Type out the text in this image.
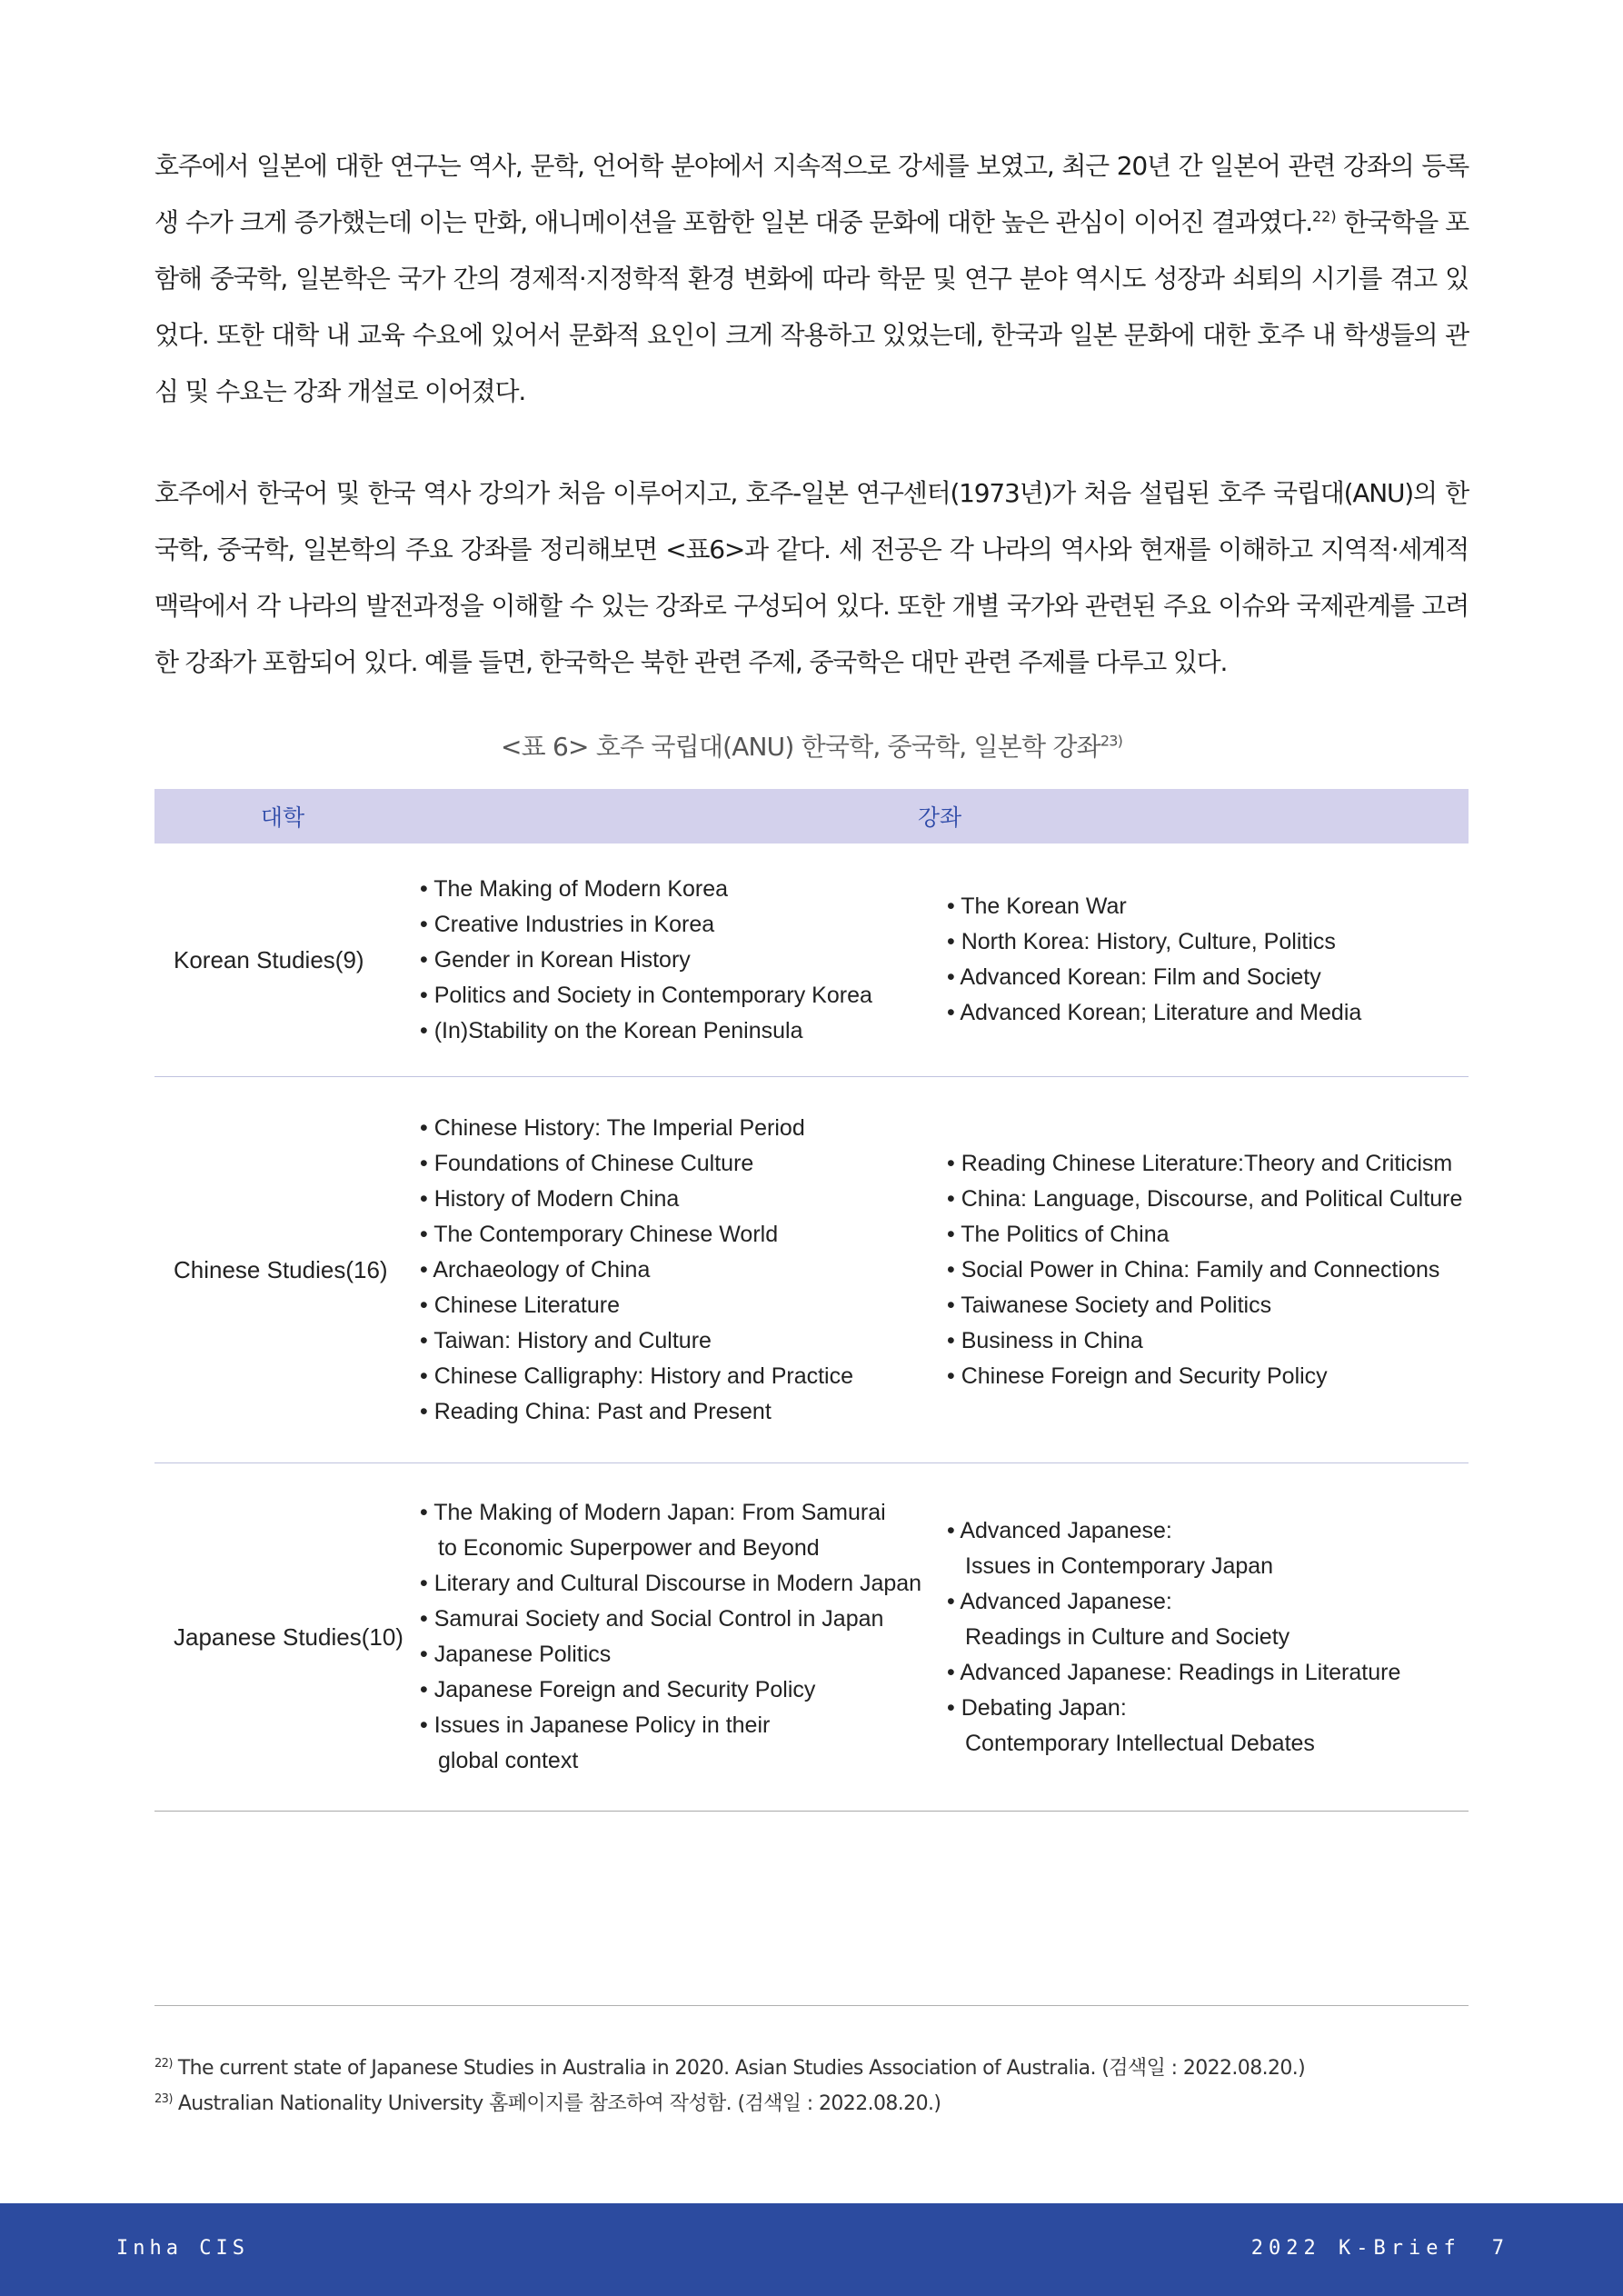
호주에서 일본에 대한 연구는 역사, 문학, 언어학 분야에서 지속적으로 강세를 보였고, 최근 20년 간 일본어 관련 강좌의 등록생 수가 크게 증가했는데 이는 만화, 애니메이션을 포함한 일본 대중 문화에 대한 높은 관심이 이어진 결과였다.$^{22)}$ 한국학을 포함해 중국학, 일본학은 국가 간의 경제적·지정학적 환경 변화에 따라 학문 및 연구 분야 역시도 성장과 쇠퇴의 시기를 겪고 있었다. 또한 대학 내 교육 수요에 있어서 문화적 요인이 크게 작용하고 있었는데, 한국과 일본 문화에 대한 호주 내 학생들의 관심 및 수요는 강좌 개설로 이어졌다.

호주에서 한국어 및 한국 역사 강의가 처음 이루어지고, 호주-일본 연구센터(1973년)가 처음 설립된 호주 국립대(ANU)의 한국학, 중국학, 일본학의 주요 강좌를 정리해보면 <표6>과 같다. 세 전공은 각 나라의 역사와 현재를 이해하고 지역적·세계적 맥락에서 각 나라의 발전과정을 이해할 수 있는 강좌로 구성되어 있다. 또한 개별 국가와 관련된 주요 이슈와 국제관계를 고려한 강좌가 포함되어 있다. 예를 들면, 한국학은 북한 관련 주제, 중국학은 대만 관련 주제를 다루고 있다.

<표 6> 호주 국립대(ANU) 한국학, 중국학, 일본학 강좌$^{23)}$
대학	강좌
Korean Studies(9)
• The Making of Modern Korea
• Creative Industries in Korea
• Gender in Korean History
• Politics and Society in Contemporary Korea
• (In)Stability on the Korean Peninsula
• The Korean War
• North Korea: History, Culture, Politics
• Advanced Korean: Film and Society
• Advanced Korean; Literature and Media
Chinese Studies(16)
• Chinese History: The Imperial Period
• Foundations of Chinese Culture
• History of Modern China
• The Contemporary Chinese World
• Archaeology of China
• Chinese Literature
• Taiwan: History and Culture
• Chinese Calligraphy: History and Practice
• Reading China: Past and Present
• Reading Chinese Literature:Theory and Criticism
• China: Language, Discourse, and Political Culture
• The Politics of China
• Social Power in China: Family and Connections
• Taiwanese Society and Politics
• Business in China
• Chinese Foreign and Security Policy
Japanese Studies(10)
• The Making of Modern Japan: From Samurai
to Economic Superpower and Beyond
• Literary and Cultural Discourse in Modern Japan
• Samurai Society and Social Control in Japan
• Japanese Politics
• Japanese Foreign and Security Policy
• Issues in Japanese Policy in their
global context
• Advanced Japanese:
Issues in Contemporary Japan
• Advanced Japanese:
Readings in Culture and Society
• Advanced Japanese: Readings in Literature
• Debating Japan:
Contemporary Intellectual Debates
$^{22)}$ The current state of Japanese Studies in Australia in 2020. Asian Studies Association of Australia. (검색일 : 2022.08.20.)
$^{23)}$ Australian Nationality University 홈페이지를 참조하여 작성함. (검색일 : 2022.08.20.)
Inha CIS	2022 K-Brief 7
